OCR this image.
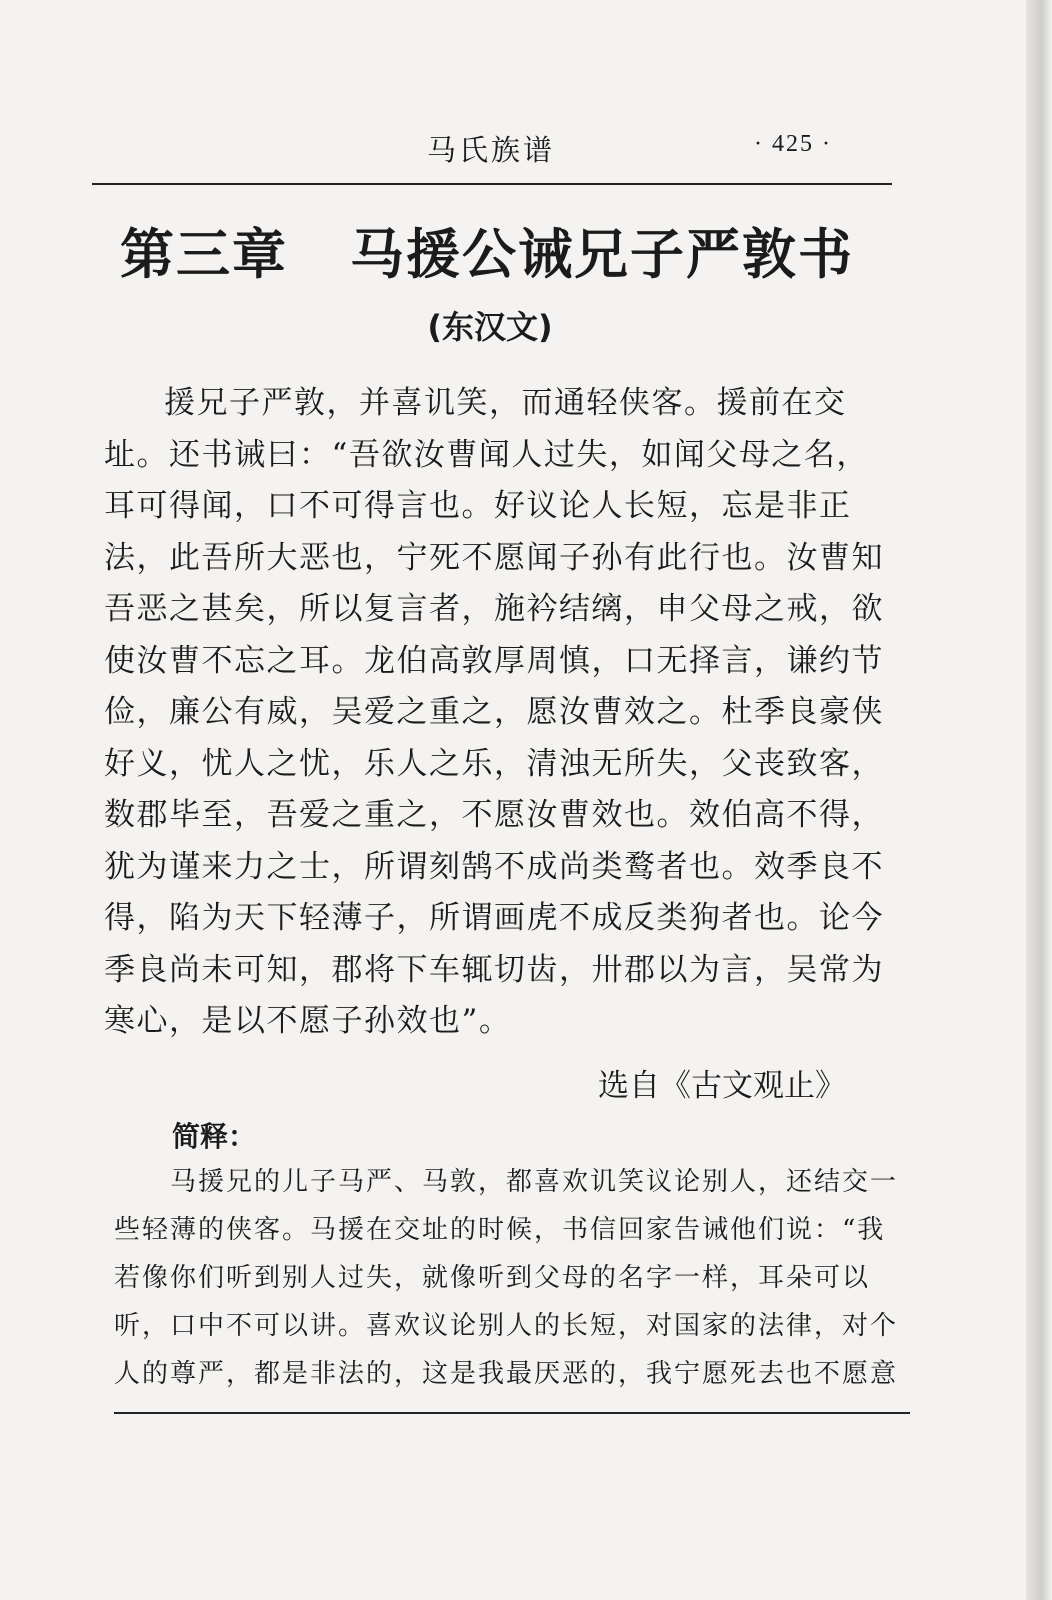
马氏族谱	· 425 ·
第三章 马援公诫兄子严敦书
(东汉文)

援兄子严敦，并喜讥笑，而通轻侠客。援前在交
址。还书诫曰：“吾欲汝曹闻人过失，如闻父母之名，
耳可得闻，口不可得言也。好议论人长短，忘是非正
法，此吾所大恶也，宁死不愿闻子孙有此行也。汝曹知
吾恶之甚矣，所以复言者，施衿结缡，申父母之戒，欲
使汝曹不忘之耳。龙伯高敦厚周慎，口无择言，谦约节
俭，廉公有威，吴爱之重之，愿汝曹效之。杜季良豪侠
好义，忧人之忧，乐人之乐，清浊无所失，父丧致客，
数郡毕至，吾爱之重之，不愿汝曹效也。效伯高不得，
犹为谨来力之士，所谓刻鹄不成尚类鹜者也。效季良不
得，陷为天下轻薄子，所谓画虎不成反类狗者也。论今
季良尚未可知，郡将下车辄切齿，卅郡以为言，吴常为
寒心，是以不愿子孙效也”。

选自《古文观止》
简释：
马援兄的儿子马严、马敦，都喜欢讥笑议论别人，还结交一
些轻薄的侠客。马援在交址的时候，书信回家告诫他们说：“我
若像你们听到别人过失，就像听到父母的名字一样，耳朵可以
听，口中不可以讲。喜欢议论别人的长短，对国家的法律，对个
人的尊严，都是非法的，这是我最厌恶的，我宁愿死去也不愿意
